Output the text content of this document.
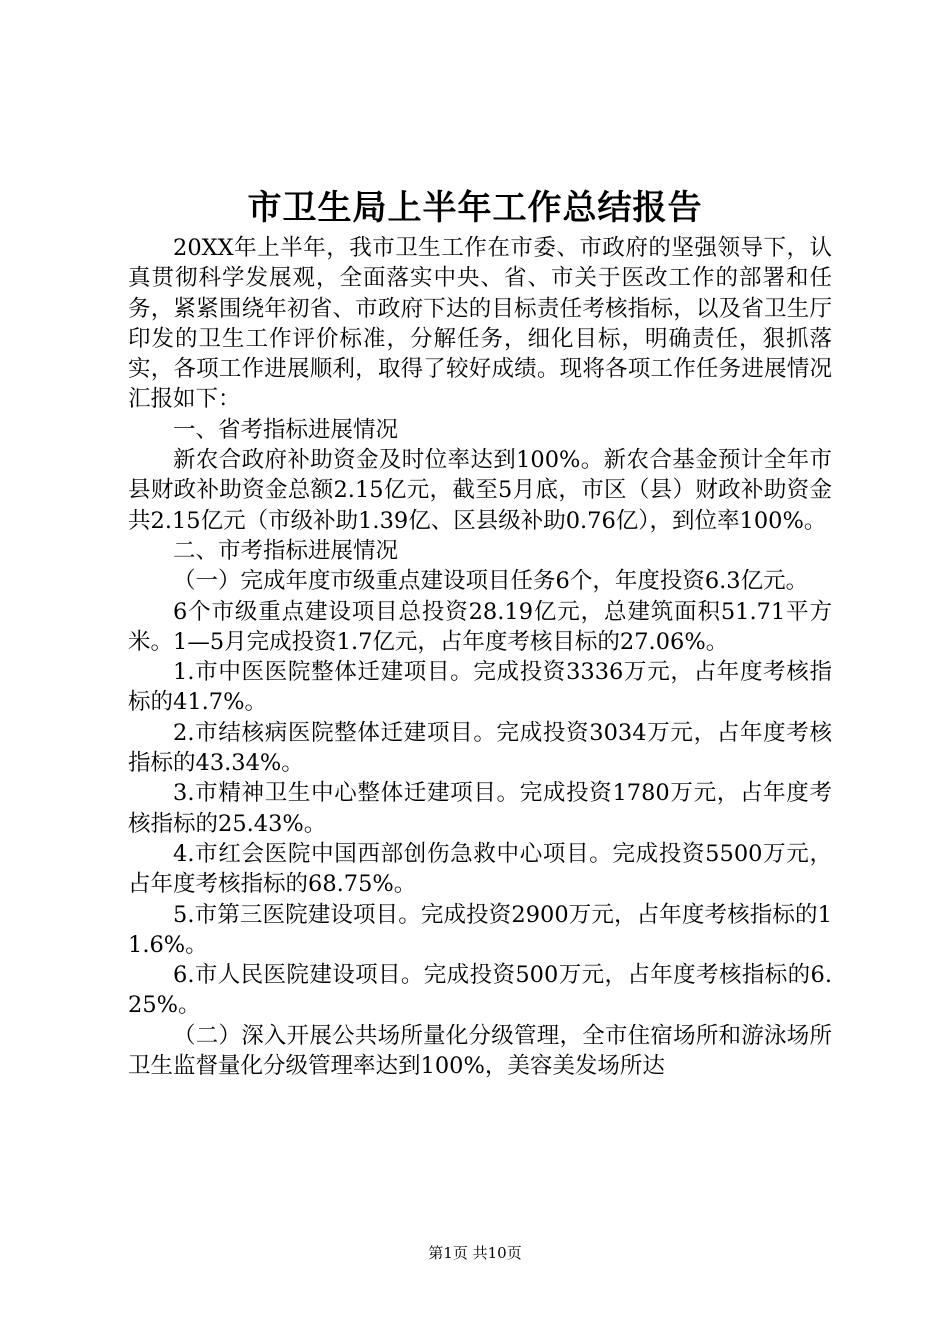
市卫生局上半年工作总结报告

20XX年上半年，我市卫生工作在市委、市政府的坚强领导下，认真贯彻科学发展观，全面落实中央、省、市关于医改工作的部署和任务，紧紧围绕年初省、市政府下达的目标责任考核指标，以及省卫生厅印发的卫生工作评价标准，分解任务，细化目标，明确责任，狠抓落实，各项工作进展顺利，取得了较好成绩。现将各项工作任务进展情况汇报如下：

一、省考指标进展情况

新农合政府补助资金及时位率达到100%。新农合基金预计全年市县财政补助资金总额2.15亿元，截至5月底，市区（县）财政补助资金共2.15亿元（市级补助1.39亿、区县级补助0.76亿），到位率100%。

二、市考指标进展情况

（一）完成年度市级重点建设项目任务6个，年度投资6.3亿元。

6个市级重点建设项目总投资28.19亿元，总建筑面积51.71平方米。1—5月完成投资1.7亿元，占年度考核目标的27.06%。

1.市中医医院整体迁建项目。完成投资3336万元，占年度考核指标的41.7%。

2.市结核病医院整体迁建项目。完成投资3034万元，占年度考核指标的43.34%。

3.市精神卫生中心整体迁建项目。完成投资1780万元，占年度考核指标的25.43%。

4.市红会医院中国西部创伤急救中心项目。完成投资5500万元，占年度考核指标的68.75%。

5.市第三医院建设项目。完成投资2900万元，占年度考核指标的11.6%。

6.市人民医院建设项目。完成投资500万元，占年度考核指标的6.25%。

（二）深入开展公共场所量化分级管理，全市住宿场所和游泳场所卫生监督量化分级管理率达到100%，美容美发场所达

第1页 共10页
